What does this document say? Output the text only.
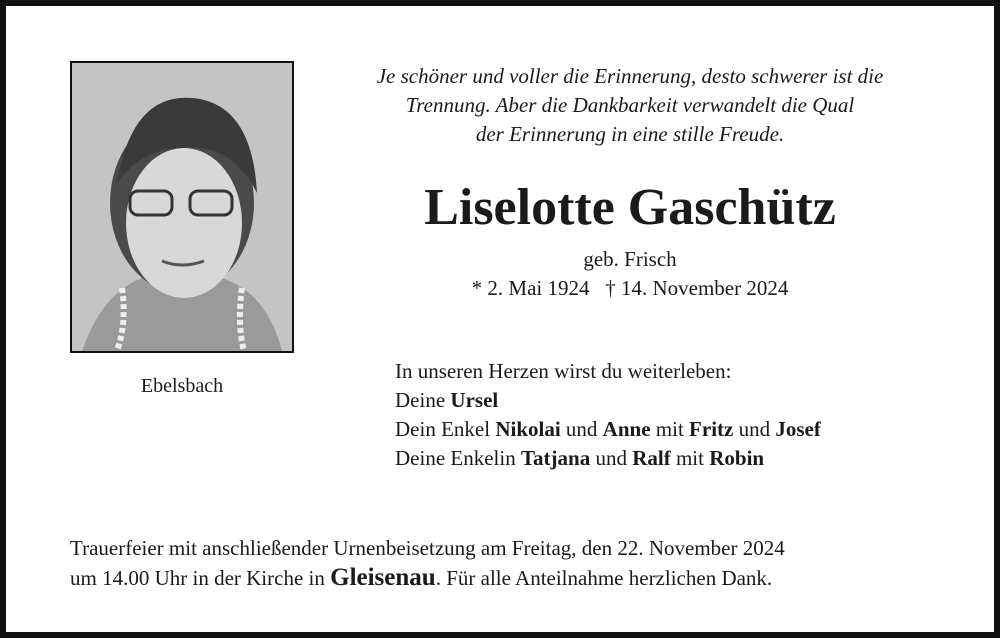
Je schöner und voller die Erinnerung, desto schwerer ist die
Trennung. Aber die Dankbarkeit verwandelt die Qual
der Erinnerung in eine stille Freude.
Liselotte Gaschütz
geb. Frisch
* 2. Mai 1924 † 14. November 2024
Ebelsbach
In unseren Herzen wirst du weiterleben:
Deine Ursel
Dein Enkel Nikolai und Anne mit Fritz und Josef
Deine Enkelin Tatjana und Ralf mit Robin
Trauerfeier mit anschließender Urnenbeisetzung am Freitag, den 22. November 2024
um 14.00 Uhr in der Kirche in Gleisenau. Für alle Anteilnahme herzlichen Dank.
